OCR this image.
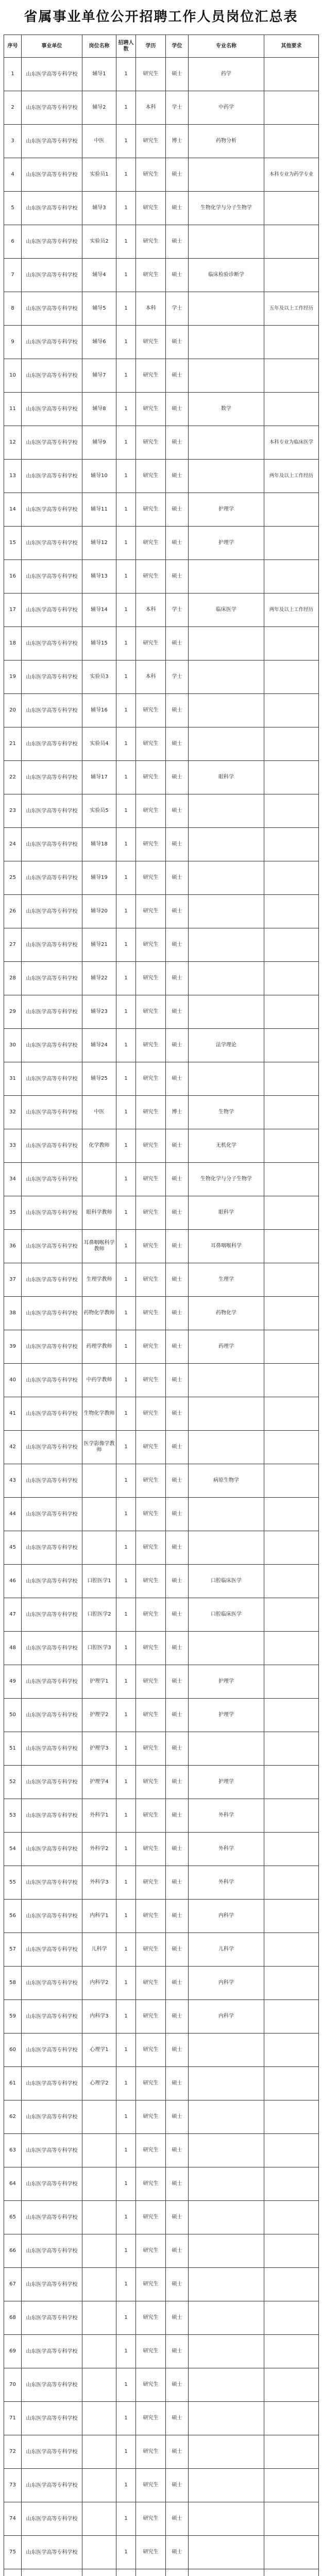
省属事业单位公开招聘工作人员岗位汇总表
序号	事业单位	岗位名称	招聘人数	学历	学位	专业名称	其他要求
1	山东医学高等专科学校	辅导1	1	研究生	硕士	药学	
2	山东医学高等专科学校	辅导2	1	本科	学士	中药学	
3	山东医学高等专科学校	中医	1	研究生	博士	药物分析	
4	山东医学高等专科学校	实验员1	1	研究生	硕士		本科专业为药学专业
5	山东医学高等专科学校	辅导3	1	研究生	硕士	生物化学与分子生物学	
6	山东医学高等专科学校	实验员2	1	研究生	硕士		
7	山东医学高等专科学校	辅导4	1	研究生	硕士	临床检验诊断学	
8	山东医学高等专科学校	辅导5	1	本科	学士		五年及以上工作经历
9	山东医学高等专科学校	辅导6	1	研究生	硕士		
10	山东医学高等专科学校	辅导7	1	研究生	硕士		
11	山东医学高等专科学校	辅导8	1	研究生	硕士	数学	
12	山东医学高等专科学校	辅导9	1	研究生	硕士		本科专业为临床医学
13	山东医学高等专科学校	辅导10	1	研究生	硕士		两年及以上工作经历
14	山东医学高等专科学校	辅导11	1	研究生	硕士	护理学	
15	山东医学高等专科学校	辅导12	1	研究生	硕士	护理学	
16	山东医学高等专科学校	辅导13	1	研究生	硕士		
17	山东医学高等专科学校	辅导14	1	本科	学士	临床医学	两年及以上工作经历
18	山东医学高等专科学校	辅导15	1	研究生	硕士		
19	山东医学高等专科学校	实验员3	1	本科	学士		
20	山东医学高等专科学校	辅导16	1	研究生	硕士		
21	山东医学高等专科学校	实验员4	1	研究生	硕士		
22	山东医学高等专科学校	辅导17	1	研究生	硕士	眼科学	
23	山东医学高等专科学校	实验员5	1	研究生	硕士		
24	山东医学高等专科学校	辅导18	1	研究生	硕士		
25	山东医学高等专科学校	辅导19	1	研究生	硕士		
26	山东医学高等专科学校	辅导20	1	研究生	硕士		
27	山东医学高等专科学校	辅导21	1	研究生	硕士		
28	山东医学高等专科学校	辅导22	1	研究生	硕士		
29	山东医学高等专科学校	辅导23	1	研究生	硕士		
30	山东医学高等专科学校	辅导24	1	研究生	硕士	法学理论	
31	山东医学高等专科学校	辅导25	1	研究生	硕士		
32	山东医学高等专科学校	中医	1	研究生	博士	生物学	
33	山东医学高等专科学校	化学教师	1	研究生	硕士	无机化学	
34	山东医学高等专科学校		1	研究生	硕士	生物化学与分子生物学	
35	山东医学高等专科学校	眼科学教师	1	研究生	硕士	眼科学	
36	山东医学高等专科学校	耳鼻咽喉科学教师	1	研究生	硕士	耳鼻咽喉科学	
37	山东医学高等专科学校	生理学教师	1	研究生	硕士	生理学	
38	山东医学高等专科学校	药物化学教师	1	研究生	硕士	药物化学	
39	山东医学高等专科学校	药理学教师	1	研究生	硕士	药理学	
40	山东医学高等专科学校	中药学教师	1	研究生	硕士		
41	山东医学高等专科学校	生物化学教师	1	研究生	硕士		
42	山东医学高等专科学校	医学影像学教师	1	研究生	硕士		
43	山东医学高等专科学校		1	研究生	硕士	病原生物学	
44	山东医学高等专科学校		1	研究生	硕士		
45	山东医学高等专科学校		1	研究生	硕士		
46	山东医学高等专科学校	口腔医学1	1	研究生	硕士	口腔临床医学	
47	山东医学高等专科学校	口腔医学2	1	研究生	硕士	口腔临床医学	
48	山东医学高等专科学校	口腔医学3	1	研究生	硕士		
49	山东医学高等专科学校	护理学1	1	研究生	硕士	护理学	
50	山东医学高等专科学校	护理学2	1	研究生	硕士	护理学	
51	山东医学高等专科学校	护理学3	1	研究生	硕士		
52	山东医学高等专科学校	护理学4	1	研究生	硕士	护理学	
53	山东医学高等专科学校	外科学1	1	研究生	硕士	外科学	
54	山东医学高等专科学校	外科学2	1	研究生	硕士	外科学	
55	山东医学高等专科学校	外科学3	1	研究生	硕士	外科学	
56	山东医学高等专科学校	内科学1	1	研究生	硕士	内科学	
57	山东医学高等专科学校	儿科学	1	研究生	硕士	儿科学	
58	山东医学高等专科学校	内科学2	1	研究生	硕士	内科学	
59	山东医学高等专科学校	内科学3	1	研究生	硕士	内科学	
60	山东医学高等专科学校	心理学1	1	研究生	硕士		
61	山东医学高等专科学校	心理学2	1	研究生	硕士		
62	山东医学高等专科学校		1	研究生	硕士		
63	山东医学高等专科学校		1	研究生	硕士		
64	山东医学高等专科学校		1	研究生	硕士		
65	山东医学高等专科学校		1	研究生	硕士		
66	山东医学高等专科学校		1	研究生	硕士		
67	山东医学高等专科学校		1	研究生	硕士		
68	山东医学高等专科学校		1	研究生	硕士		
69	山东医学高等专科学校		1	研究生	硕士		
70	山东医学高等专科学校		1	研究生	硕士		
71	山东医学高等专科学校		1	研究生	硕士		
72	山东医学高等专科学校		1	研究生	硕士		
73	山东医学高等专科学校		1	研究生	硕士		
74	山东医学高等专科学校		1	研究生	硕士		
75	山东医学高等专科学校		1	研究生	硕士		
